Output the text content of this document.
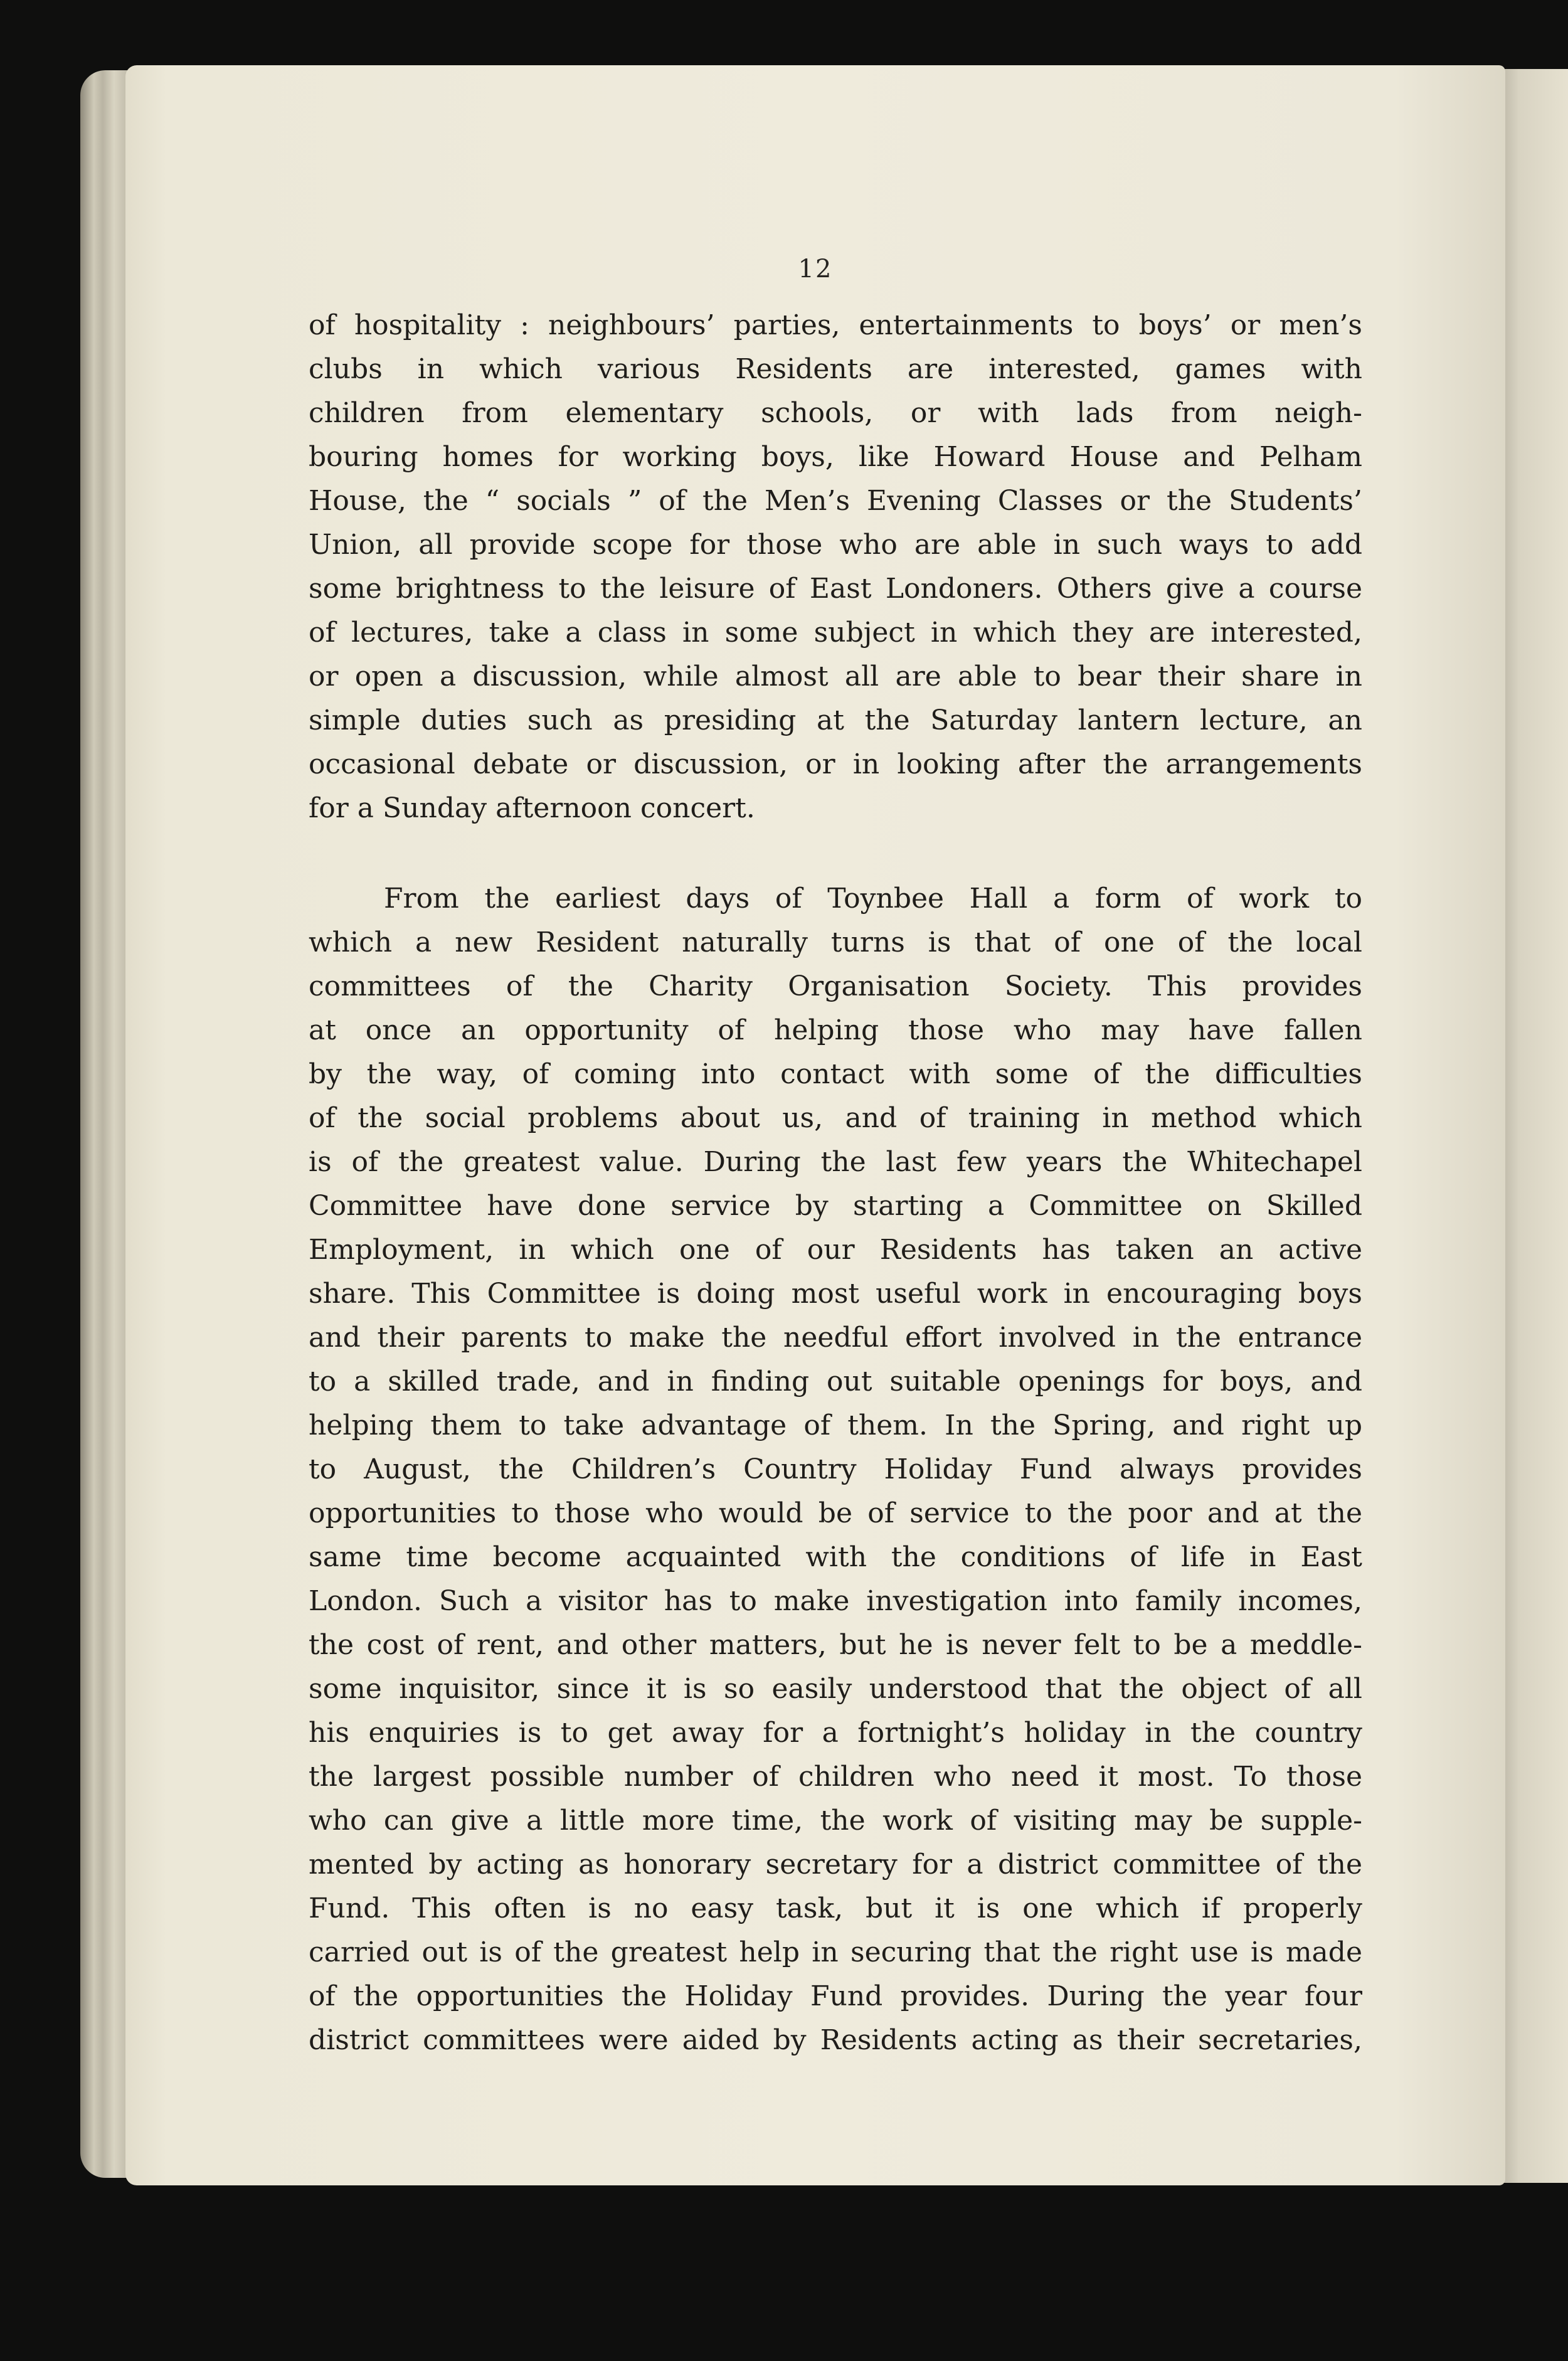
12
of hospitality : neighbours’ parties, entertainments to boys’ or men’s
clubs in which various Residents are interested, games with
children from elementary schools, or with lads from neigh-
bouring homes for working boys, like Howard House and Pelham
House, the “ socials ” of the Men’s Evening Classes or the Students’
Union, all provide scope for those who are able in such ways to add
some brightness to the leisure of East Londoners. Others give a course
of lectures, take a class in some subject in which they are interested,
or open a discussion, while almost all are able to bear their share in
simple duties such as presiding at the Saturday lantern lecture, an
occasional debate or discussion, or in looking after the arrangements
for a Sunday afternoon concert.
From the earliest days of Toynbee Hall a form of work to
which a new Resident naturally turns is that of one of the local
committees of the Charity Organisation Society. This provides
at once an opportunity of helping those who may have fallen
by the way, of coming into contact with some of the difficulties
of the social problems about us, and of training in method which
is of the greatest value. During the last few years the Whitechapel
Committee have done service by starting a Committee on Skilled
Employment, in which one of our Residents has taken an active
share. This Committee is doing most useful work in encouraging boys
and their parents to make the needful effort involved in the entrance
to a skilled trade, and in finding out suitable openings for boys, and
helping them to take advantage of them. In the Spring, and right up
to August, the Children’s Country Holiday Fund always provides
opportunities to those who would be of service to the poor and at the
same time become acquainted with the conditions of life in East
London. Such a visitor has to make investigation into family incomes,
the cost of rent, and other matters, but he is never felt to be a meddle-
some inquisitor, since it is so easily understood that the object of all
his enquiries is to get away for a fortnight’s holiday in the country
the largest possible number of children who need it most. To those
who can give a little more time, the work of visiting may be supple-
mented by acting as honorary secretary for a district committee of the
Fund. This often is no easy task, but it is one which if properly
carried out is of the greatest help in securing that the right use is made
of the opportunities the Holiday Fund provides. During the year four
district committees were aided by Residents acting as their secretaries,
